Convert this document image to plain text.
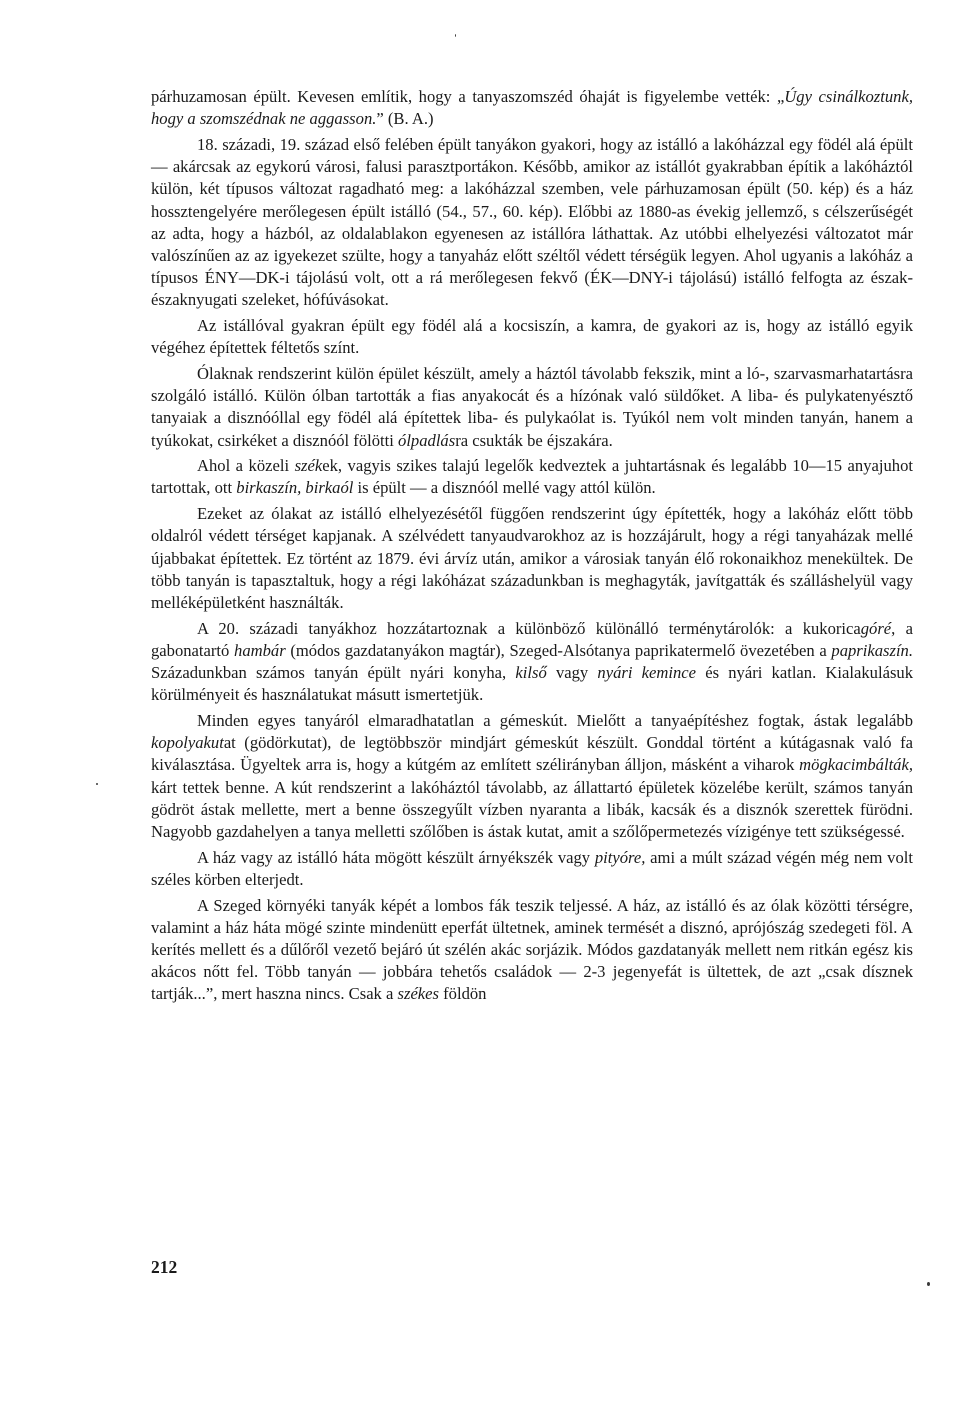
párhuzamosan épült. Kevesen említik, hogy a tanyaszomszéd óhaját is figyelembe vették: „Úgy csinálkoztunk, hogy a szomszédnak ne aggasson.” (B. A.)

18. századi, 19. század első felében épült tanyákon gyakori, hogy az istálló a lakóházzal egy födél alá épült — akárcsak az egykorú városi, falusi parasztportákon. Később, amikor az istállót gyakrabban építik a lakóháztól külön, két típusos változat ragadható meg: a lakóházzal szemben, vele párhuzamosan épült (50. kép) és a ház hossztengelyére merőlegesen épült istálló (54., 57., 60. kép). Előbbi az 1880-as évekig jellemző, s célszerűségét az adta, hogy a házból, az oldalablakon egyenesen az istállóra láthattak. Az utóbbi elhelyezési változatot már valószínűen az az igyekezet szülte, hogy a tanyaház előtt széltől védett térségük legyen. Ahol ugyanis a lakóház a típusos ÉNY—DK-i tájolású volt, ott a rá merőlegesen fekvő (ÉK—DNY-i tájolású) istálló felfogta az észak-északnyugati szeleket, hófúvásokat.

Az istállóval gyakran épült egy födél alá a kocsiszín, a kamra, de gyakori az is, hogy az istálló egyik végéhez építettek féltetős színt.

Ólaknak rendszerint külön épület készült, amely a háztól távolabb fekszik, mint a ló-, szarvasmarhatartásra szolgáló istálló. Külön ólban tartották a fias anyakocát és a hízónak való süldőket. A liba- és pulykatenyésztő tanyaiak a disznóóllal egy födél alá építettek liba- és pulykaólat is. Tyúkól nem volt minden tanyán, hanem a tyúkokat, csirkéket a disznóól fölötti ólpadlásra csukták be éjszakára.

Ahol a közeli székek, vagyis szikes talajú legelők kedveztek a juhtartásnak és legalább 10—15 anyajuhot tartottak, ott birkaszín, birkaól is épült — a disznóól mellé vagy attól külön.

Ezeket az ólakat az istálló elhelyezésétől függően rendszerint úgy építették, hogy a lakóház előtt több oldalról védett térséget kapjanak. A szélvédett tanyaudvarokhoz az is hozzájárult, hogy a régi tanyaházak mellé újabbakat építettek. Ez történt az 1879. évi árvíz után, amikor a városiak tanyán élő rokonaikhoz menekültek. De több tanyán is tapasztaltuk, hogy a régi lakóházat századunkban is meghagyták, javítgatták és szálláshelyül vagy melléképületként használták.

A 20. századi tanyákhoz hozzátartoznak a különböző különálló terménytárolók: a kukoricagóré, a gabonatartó hambár (módos gazdatanyákon magtár), Szeged-Alsótanya paprikatermelő övezetében a paprikaszín. Századunkban számos tanyán épült nyári konyha, kilső vagy nyári kemince és nyári katlan. Kialakulásuk körülményeit és használatukat másutt ismertetjük.

Minden egyes tanyáról elmaradhatatlan a gémeskút. Mielőtt a tanyaépítéshez fogtak, ástak legalább kopolyakutat (gödörkutat), de legtöbbször mindjárt gémeskút készült. Gonddal történt a kútágasnak való fa kiválasztása. Ügyeltek arra is, hogy a kútgém az említett szélirányban álljon, másként a viharok mögkacimbálták, kárt tettek benne. A kút rendszerint a lakóháztól távolabb, az állattartó épületek közelébe került, számos tanyán gödröt ástak mellette, mert a benne összegyűlt vízben nyaranta a libák, kacsák és a disznók szerettek fürödni. Nagyobb gazdahelyen a tanya melletti szőlőben is ástak kutat, amit a szőlőpermetezés vízigénye tett szükségessé.

A ház vagy az istálló háta mögött készült árnyékszék vagy pityóre, ami a múlt század végén még nem volt széles körben elterjedt.

A Szeged környéki tanyák képét a lombos fák teszik teljessé. A ház, az istálló és az ólak közötti térségre, valamint a ház háta mögé szinte mindenütt eperfát ültetnek, aminek termését a disznó, aprójószág szedegeti föl. A kerítés mellett és a dűlőről vezető bejáró út szélén akác sorjázik. Módos gazdatanyák mellett nem ritkán egész kis akácos nőtt fel. Több tanyán — jobbára tehetős családok — 2-3 jegenyefát is ültettek, de azt „csak dísznek tartják...”, mert haszna nincs. Csak a székes földön

212
